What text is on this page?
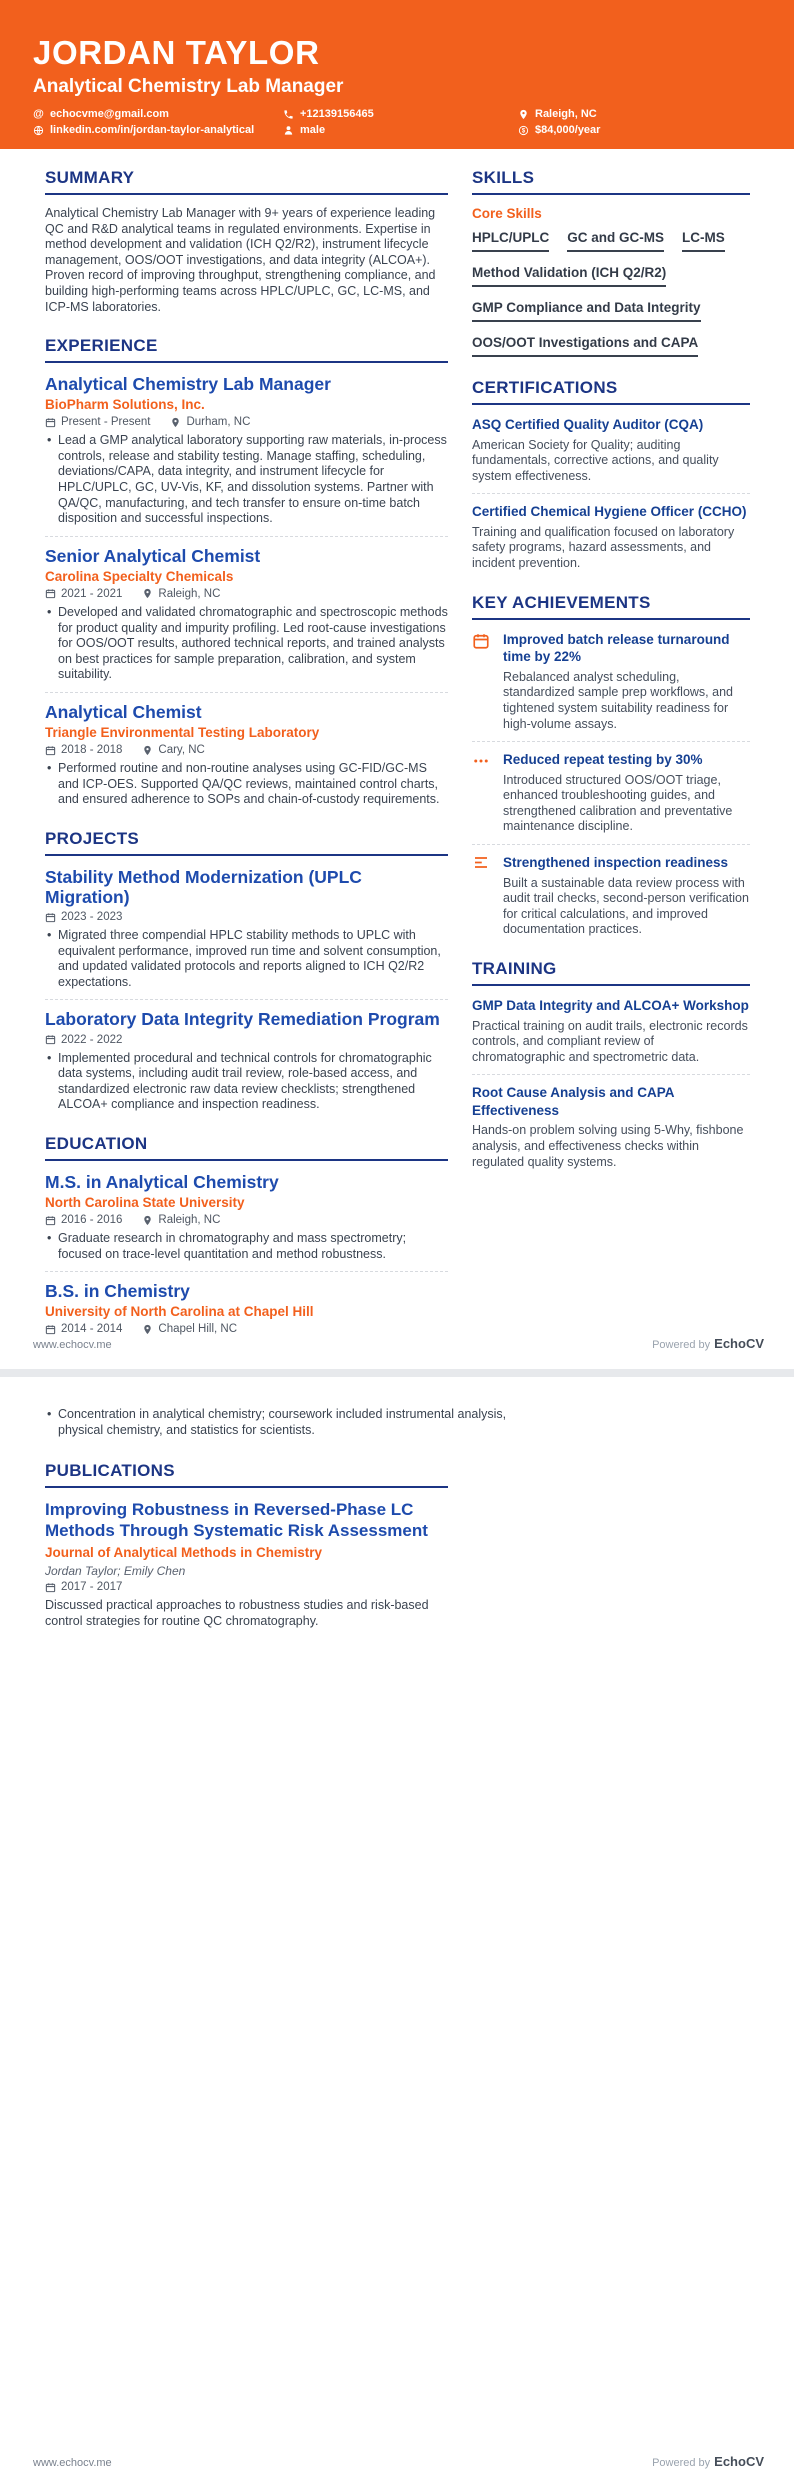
JORDAN TAYLOR
Analytical Chemistry Lab Manager
@ echocvme@gmail.com	+12139156465	Raleigh, NC
linkedin.com/in/jordan-taylor-analytical	male	$ $84,000/year
SUMMARY

Analytical Chemistry Lab Manager with 9+ years of experience leading QC and R&D analytical teams in regulated environments. Expertise in method development and validation (ICH Q2/R2), instrument lifecycle management, OOS/OOT investigations, and data integrity (ALCOA+). Proven record of improving throughput, strengthening compliance, and building high-performing teams across HPLC/UPLC, GC, LC-MS, and ICP-MS laboratories.

EXPERIENCE
Analytical Chemistry Lab Manager
BioPharm Solutions, Inc.
Present - Present	Durham, NC
• Lead a GMP analytical laboratory supporting raw materials, in-process controls, release and stability testing. Manage staffing, scheduling, deviations/CAPA, data integrity, and instrument lifecycle for HPLC/UPLC, GC, UV-Vis, KF, and dissolution systems. Partner with QA/QC, manufacturing, and tech transfer to ensure on-time batch disposition and successful inspections.
Senior Analytical Chemist
Carolina Specialty Chemicals
2021 - 2021	Raleigh, NC
• Developed and validated chromatographic and spectroscopic methods for product quality and impurity profiling. Led root-cause investigations for OOS/OOT results, authored technical reports, and trained analysts on best practices for sample preparation, calibration, and system suitability.
Analytical Chemist
Triangle Environmental Testing Laboratory
2018 - 2018	Cary, NC
• Performed routine and non-routine analyses using GC-FID/GC-MS and ICP-OES. Supported QA/QC reviews, maintained control charts, and ensured adherence to SOPs and chain-of-custody requirements.
PROJECTS
Stability Method Modernization (UPLC Migration)
2023 - 2023
• Migrated three compendial HPLC stability methods to UPLC with equivalent performance, improved run time and solvent consumption, and updated validated protocols and reports aligned to ICH Q2/R2 expectations.
Laboratory Data Integrity Remediation Program
2022 - 2022
• Implemented procedural and technical controls for chromatographic data systems, including audit trail review, role-based access, and standardized electronic raw data review checklists; strengthened ALCOA+ compliance and inspection readiness.
EDUCATION
M.S. in Analytical Chemistry
North Carolina State University
2016 - 2016	Raleigh, NC
• Graduate research in chromatography and mass spectrometry; focused on trace-level quantitation and method robustness.
B.S. in Chemistry
University of North Carolina at Chapel Hill
2014 - 2014	Chapel Hill, NC
SKILLS
Core Skills
HPLC/UPLC GC and GC-MS LC-MS
Method Validation (ICH Q2/R2)
GMP Compliance and Data Integrity
OOS/OOT Investigations and CAPA
CERTIFICATIONS
ASQ Certified Quality Auditor (CQA)
American Society for Quality; auditing fundamentals, corrective actions, and quality system effectiveness.
Certified Chemical Hygiene Officer (CCHO)
Training and qualification focused on laboratory safety programs, hazard assessments, and incident prevention.
KEY ACHIEVEMENTS
Improved batch release turnaround time by 22%
Rebalanced analyst scheduling, standardized sample prep workflows, and tightened system suitability readiness for high-volume assays.
Reduced repeat testing by 30%
Introduced structured OOS/OOT triage, enhanced troubleshooting guides, and strengthened calibration and preventative maintenance discipline.
Strengthened inspection readiness
Built a sustainable data review process with audit trail checks, second-person verification for critical calculations, and improved documentation practices.
TRAINING
GMP Data Integrity and ALCOA+ Workshop
Practical training on audit trails, electronic records controls, and compliant review of chromatographic and spectrometric data.
Root Cause Analysis and CAPA Effectiveness
Hands-on problem solving using 5-Why, fishbone analysis, and effectiveness checks within regulated quality systems.
www.echocv.me	Powered by EchoCV
• Concentration in analytical chemistry; coursework included instrumental analysis, physical chemistry, and statistics for scientists.
PUBLICATIONS
Improving Robustness in Reversed-Phase LC Methods Through Systematic Risk Assessment
Journal of Analytical Methods in Chemistry
Jordan Taylor; Emily Chen
2017 - 2017
Discussed practical approaches to robustness studies and risk-based control strategies for routine QC chromatography.
www.echocv.me	Powered by EchoCV
